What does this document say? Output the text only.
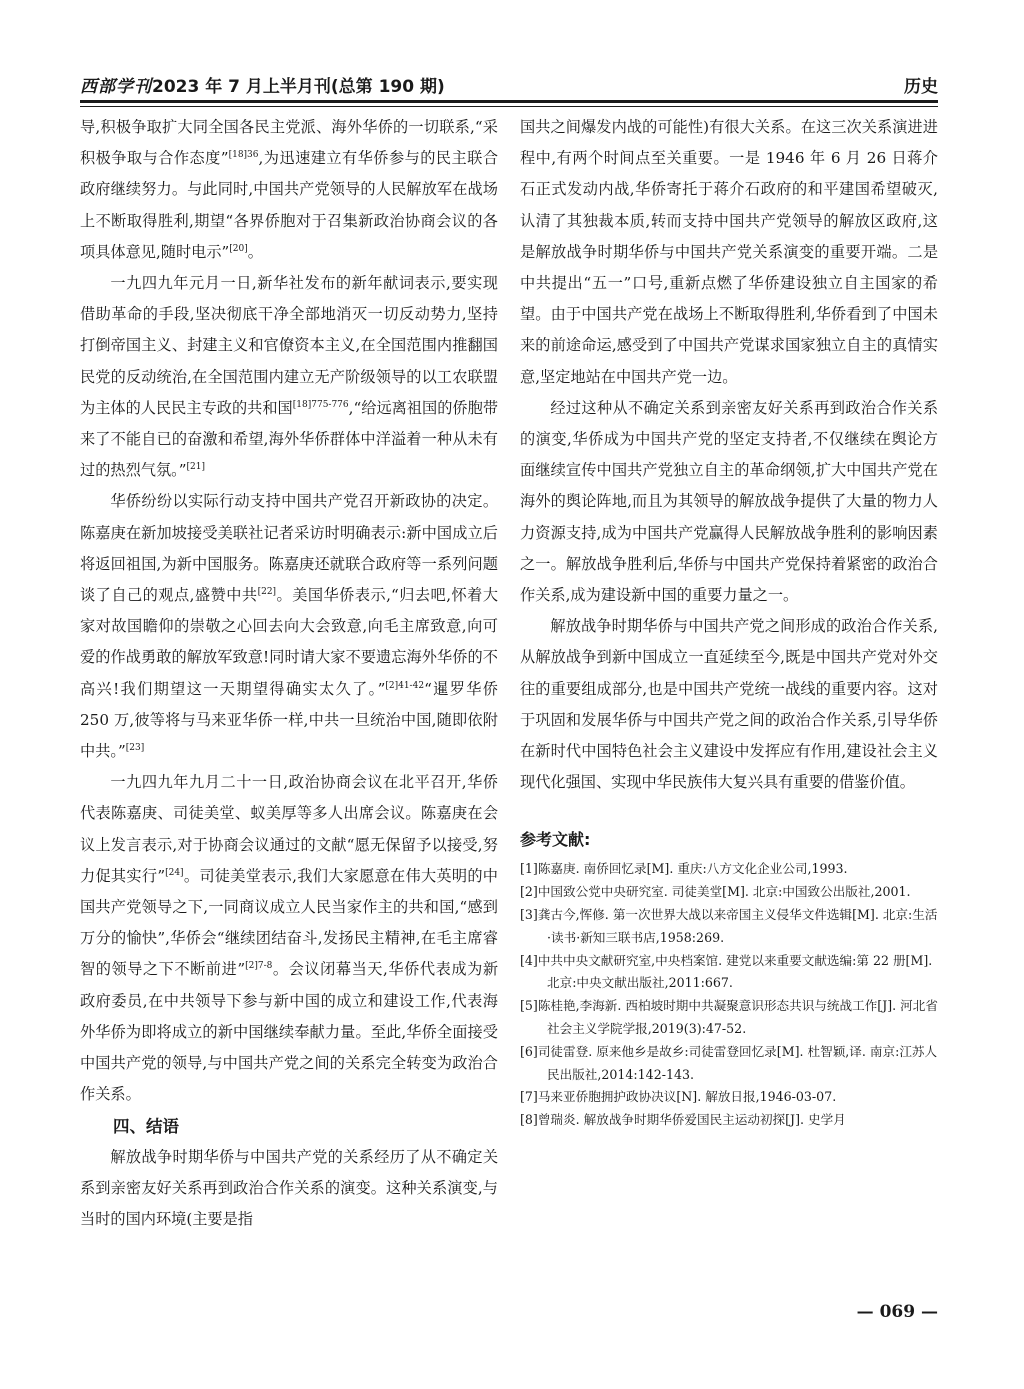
西部学刊2023 年 7 月上半月刊(总第 190 期)	历史

导,积极争取扩大同全国各民主党派、海外华侨的一切联系,“采积极争取与合作态度”$^{[18]36}$,为迅速建立有华侨参与的民主联合政府继续努力。与此同时,中国共产党领导的人民解放军在战场上不断取得胜利,期望“各界侨胞对于召集新政治协商会议的各项具体意见,随时电示”[20]。

一九四九年元月一日,新华社发布的新年献词表示,要实现借助革命的手段,坚决彻底干净全部地消灭一切反动势力,坚持打倒帝国主义、封建主义和官僚资本主义,在全国范围内推翻国民党的反动统治,在全国范围内建立无产阶级领导的以工农联盟为主体的人民民主专政的共和国$^{[18]775-776}$,“给远离祖国的侨胞带来了不能自已的奋激和希望,海外华侨群体中洋溢着一种从未有过的热烈气氛。”[21]

华侨纷纷以实际行动支持中国共产党召开新政协的决定。陈嘉庚在新加坡接受美联社记者采访时明确表示:新中国成立后将返回祖国,为新中国服务。陈嘉庚还就联合政府等一系列问题谈了自己的观点,盛赞中共[22]。美国华侨表示,“归去吧,怀着大家对故国瞻仰的崇敬之心回去向大会致意,向毛主席致意,向可爱的作战勇敢的解放军致意!同时请大家不要遗忘海外华侨的不高兴!我们期望这一天期望得确实太久了。”$^{[2]41-42}$“暹罗华侨 250 万,彼等将与马来亚华侨一样,中共一旦统治中国,随即依附中共。”[23]

一九四九年九月二十一日,政治协商会议在北平召开,华侨代表陈嘉庚、司徒美堂、蚁美厚等多人出席会议。陈嘉庚在会议上发言表示,对于协商会议通过的文献“愿无保留予以接受,努力促其实行”[24]。司徒美堂表示,我们大家愿意在伟大英明的中国共产党领导之下,一同商议成立人民当家作主的共和国,“感到万分的愉快”,华侨会“继续团结奋斗,发扬民主精神,在毛主席睿智的领导之下不断前进”$^{[2]7-8}$。会议闭幕当天,华侨代表成为新政府委员,在中共领导下参与新中国的成立和建设工作,代表海外华侨为即将成立的新中国继续奉献力量。至此,华侨全面接受中国共产党的领导,与中国共产党之间的关系完全转变为政治合作关系。

四、结语

解放战争时期华侨与中国共产党的关系经历了从不确定关系到亲密友好关系再到政治合作关系的演变。这种关系演变,与当时的国内环境(主要是指

国共之间爆发内战的可能性)有很大关系。在这三次关系演进进程中,有两个时间点至关重要。一是 1946 年 6 月 26 日蒋介石正式发动内战,华侨寄托于蒋介石政府的和平建国希望破灭,认清了其独裁本质,转而支持中国共产党领导的解放区政府,这是解放战争时期华侨与中国共产党关系演变的重要开端。二是中共提出“五一”口号,重新点燃了华侨建设独立自主国家的希望。由于中国共产党在战场上不断取得胜利,华侨看到了中国未来的前途命运,感受到了中国共产党谋求国家独立自主的真情实意,坚定地站在中国共产党一边。

经过这种从不确定关系到亲密友好关系再到政治合作关系的演变,华侨成为中国共产党的坚定支持者,不仅继续在舆论方面继续宣传中国共产党独立自主的革命纲领,扩大中国共产党在海外的舆论阵地,而且为其领导的解放战争提供了大量的物力人力资源支持,成为中国共产党赢得人民解放战争胜利的影响因素之一。解放战争胜利后,华侨与中国共产党保持着紧密的政治合作关系,成为建设新中国的重要力量之一。

解放战争时期华侨与中国共产党之间形成的政治合作关系,从解放战争到新中国成立一直延续至今,既是中国共产党对外交往的重要组成部分,也是中国共产党统一战线的重要内容。这对于巩固和发展华侨与中国共产党之间的政治合作关系,引导华侨在新时代中国特色社会主义建设中发挥应有作用,建设社会主义现代化强国、实现中华民族伟大复兴具有重要的借鉴价值。

参考文献:
[1]陈嘉庚. 南侨回忆录[M]. 重庆:八方文化企业公司,1993.
[2]中国致公党中央研究室. 司徒美堂[M]. 北京:中国致公出版社,2001.
[3]龚古今,恽修. 第一次世界大战以来帝国主义侵华文件选辑[M]. 北京:生活·读书·新知三联书店,1958:269.
[4]中共中央文献研究室,中央档案馆. 建党以来重要文献选编:第 22 册[M]. 北京:中央文献出版社,2011:667.
[5]陈桂艳,李海新. 西柏坡时期中共凝聚意识形态共识与统战工作[J]. 河北省社会主义学院学报,2019(3):47-52.
[6]司徒雷登. 原来他乡是故乡:司徒雷登回忆录[M]. 杜智颖,译. 南京:江苏人民出版社,2014:142-143.
[7]马来亚侨胞拥护政协决议[N]. 解放日报,1946-03-07.
[8]曾瑞炎. 解放战争时期华侨爱国民主运动初探[J]. 史学月
— 069 —
